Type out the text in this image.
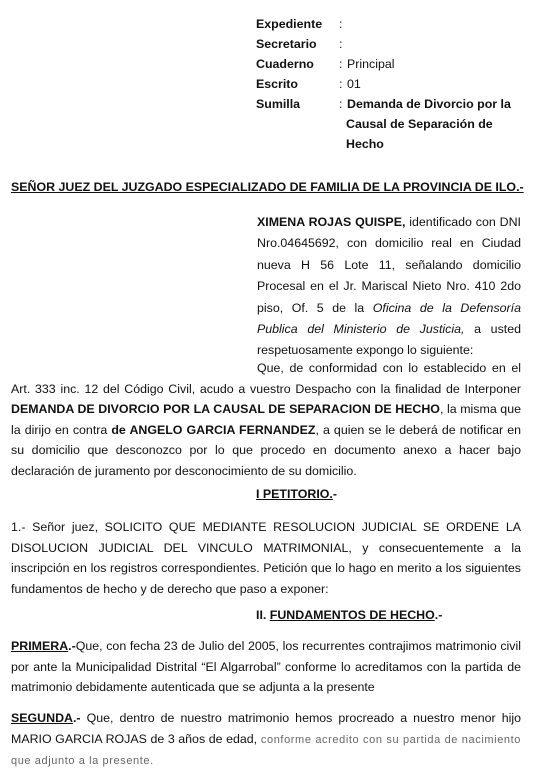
Expediente	:
Secretario	:
Cuaderno	: Principal
Escrito	: 01
Sumilla	: Demanda de Divorcio por la
Causal de Separación de
Hecho
SEÑOR JUEZ DEL JUZGADO ESPECIALIZADO DE FAMILIA DE LA PROVINCIA DE ILO.-
XIMENA ROJAS QUISPE, identificado con DNI Nro.04645692, con domicilio real en Ciudad nueva H 56 Lote 11, señalando domicilio Procesal en el Jr. Mariscal Nieto Nro. 410 2do piso, Of. 5 de la Oficina de la Defensoría Publica del Ministerio de Justicia, a usted respetuosamente expongo lo siguiente:

Que, de conformidad con lo establecido en el Art. 333 inc. 12 del Código Civil, acudo a vuestro Despacho con la finalidad de Interponer DEMANDA DE DIVORCIO POR LA CAUSAL DE SEPARACION DE HECHO, la misma que la dirijo en contra de ANGELO GARCIA FERNANDEZ, a quien se le deberá de notificar en su domicilio que desconozco por lo que procedo en documento anexo a hacer bajo declaración de juramento por desconocimiento de su domicilio.

I PETITORIO.-

1.- Señor juez, SOLICITO QUE MEDIANTE RESOLUCION JUDICIAL SE ORDENE LA DISOLUCION JUDICIAL DEL VINCULO MATRIMONIAL, y consecuentemente a la inscripción en los registros correspondientes. Petición que lo hago en merito a los siguientes fundamentos de hecho y de derecho que paso a exponer:

II. FUNDAMENTOS DE HECHO.-

PRIMERA.-Que, con fecha 23 de Julio del 2005, los recurrentes contrajimos matrimonio civil por ante la Municipalidad Distrital “El Algarrobal” conforme lo acreditamos con la partida de matrimonio debidamente autenticada que se adjunta a la presente

SEGUNDA.- Que, dentro de nuestro matrimonio hemos procreado a nuestro menor hijo MARIO GARCIA ROJAS de 3 años de edad, conforme acredito con su partida de nacimiento que adjunto a la presente.
